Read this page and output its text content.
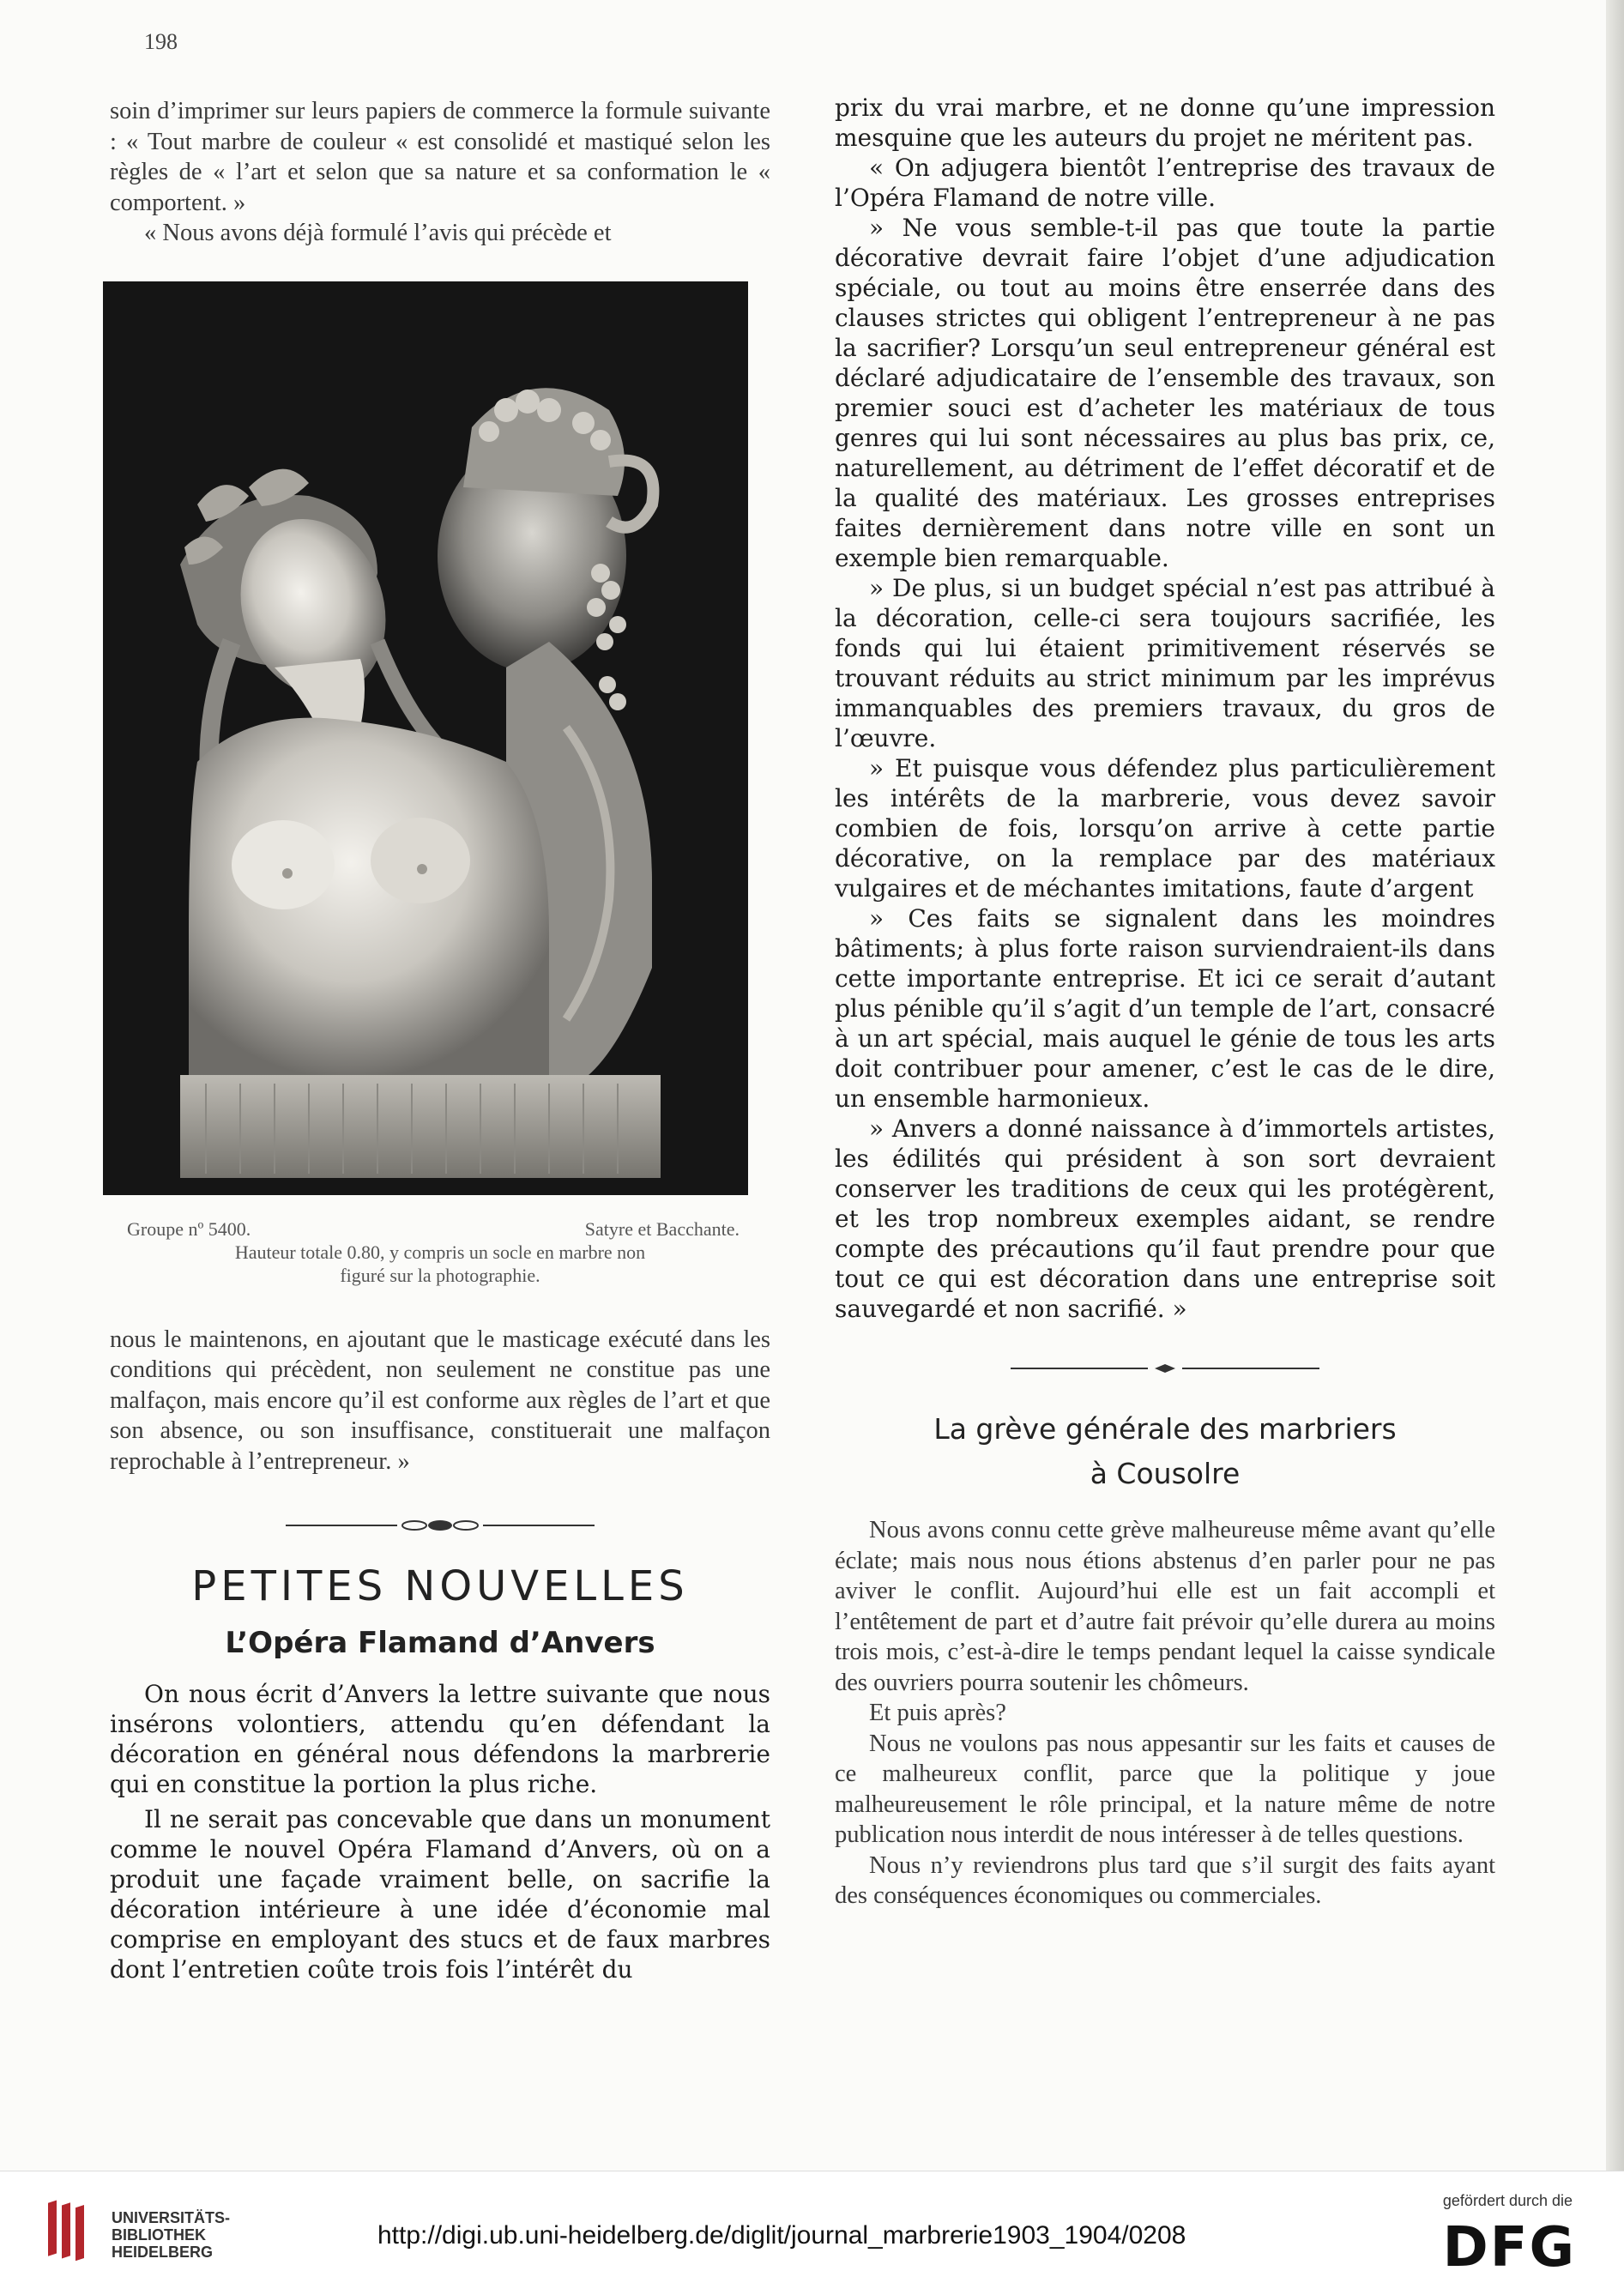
198

soin d’imprimer sur leurs papiers de commerce la formule suivante : « Tout marbre de couleur « est consolidé et mastiqué selon les règles de « l’art et selon que sa nature et sa conformation le « comportent. »

« Nous avons déjà formulé l’avis qui précède et

Groupe nº 5400.	Satyre et Bacchante.
Hauteur totale 0.80, y compris un socle en marbre non
figuré sur la photographie.

nous le maintenons, en ajoutant que le masticage exécuté dans les conditions qui précèdent, non seulement ne constitue pas une malfaçon, mais encore qu’il est conforme aux règles de l’art et que son absence, ou son insuffisance, constituerait une malfaçon reprochable à l’entrepreneur. »

PETITES NOUVELLES
L’Opéra Flamand d’Anvers

On nous écrit d’Anvers la lettre suivante que nous insérons volontiers, attendu qu’en défendant la décoration en général nous défendons la marbrerie qui en constitue la portion la plus riche.

Il ne serait pas concevable que dans un monument comme le nouvel Opéra Flamand d’Anvers, où on a produit une façade vraiment belle, on sacrifie la décoration intérieure à une idée d’économie mal comprise en employant des stucs et de faux marbres dont l’entretien coûte trois fois l’intérêt du

prix du vrai marbre, et ne donne qu’une impression mesquine que les auteurs du projet ne méritent pas.

« On adjugera bientôt l’entreprise des travaux de l’Opéra Flamand de notre ville.

» Ne vous semble-t-il pas que toute la partie décorative devrait faire l’objet d’une adjudication spéciale, ou tout au moins être enserrée dans des clauses strictes qui obligent l’entrepreneur à ne pas la sacrifier? Lorsqu’un seul entrepreneur général est déclaré adjudicataire de l’ensemble des travaux, son premier souci est d’acheter les matériaux de tous genres qui lui sont nécessaires au plus bas prix, ce, naturellement, au détriment de l’effet décoratif et de la qualité des matériaux. Les grosses entreprises faites dernièrement dans notre ville en sont un exemple bien remarquable.

» De plus, si un budget spécial n’est pas attribué à la décoration, celle-ci sera toujours sacrifiée, les fonds qui lui étaient primitivement réservés se trouvant réduits au strict minimum par les imprévus immanquables des premiers travaux, du gros de l’œuvre.

» Et puisque vous défendez plus particulièrement les intérêts de la marbrerie, vous devez savoir combien de fois, lorsqu’on arrive à cette partie décorative, on la remplace par des matériaux vulgaires et de méchantes imitations, faute d’argent

» Ces faits se signalent dans les moindres bâtiments; à plus forte raison surviendraient-ils dans cette importante entreprise. Et ici ce serait d’autant plus pénible qu’il s’agit d’un temple de l’art, consacré à un art spécial, mais auquel le génie de tous les arts doit contribuer pour amener, c’est le cas de le dire, un ensemble harmonieux.

» Anvers a donné naissance à d’immortels artistes, les édilités qui président à son sort devraient conserver les traditions de ceux qui les protégèrent, et les trop nombreux exemples aidant, se rendre compte des précautions qu’il faut prendre pour que tout ce qui est décoration dans une entreprise soit sauvegardé et non sacrifié. »

La grève générale des marbriers
à Cousolre

Nous avons connu cette grève malheureuse même avant qu’elle éclate; mais nous nous étions abstenus d’en parler pour ne pas aviver le conflit. Aujourd’hui elle est un fait accompli et l’entêtement de part et d’autre fait prévoir qu’elle durera au moins trois mois, c’est-à-dire le temps pendant lequel la caisse syndicale des ouvriers pourra soutenir les chômeurs.

Et puis après?

Nous ne voulons pas nous appesantir sur les faits et causes de ce malheureux conflit, parce que la politique y joue malheureusement le rôle principal, et la nature même de notre publication nous interdit de nous intéresser à de telles questions.

Nous n’y reviendrons plus tard que s’il surgit des faits ayant des conséquences économiques ou commerciales.

UNIVERSITÄTS-
BIBLIOTHEK
HEIDELBERG
http://digi.ub.uni-heidelberg.de/diglit/journal_marbrerie1903_1904/0208
gefördert durch die
DFG
